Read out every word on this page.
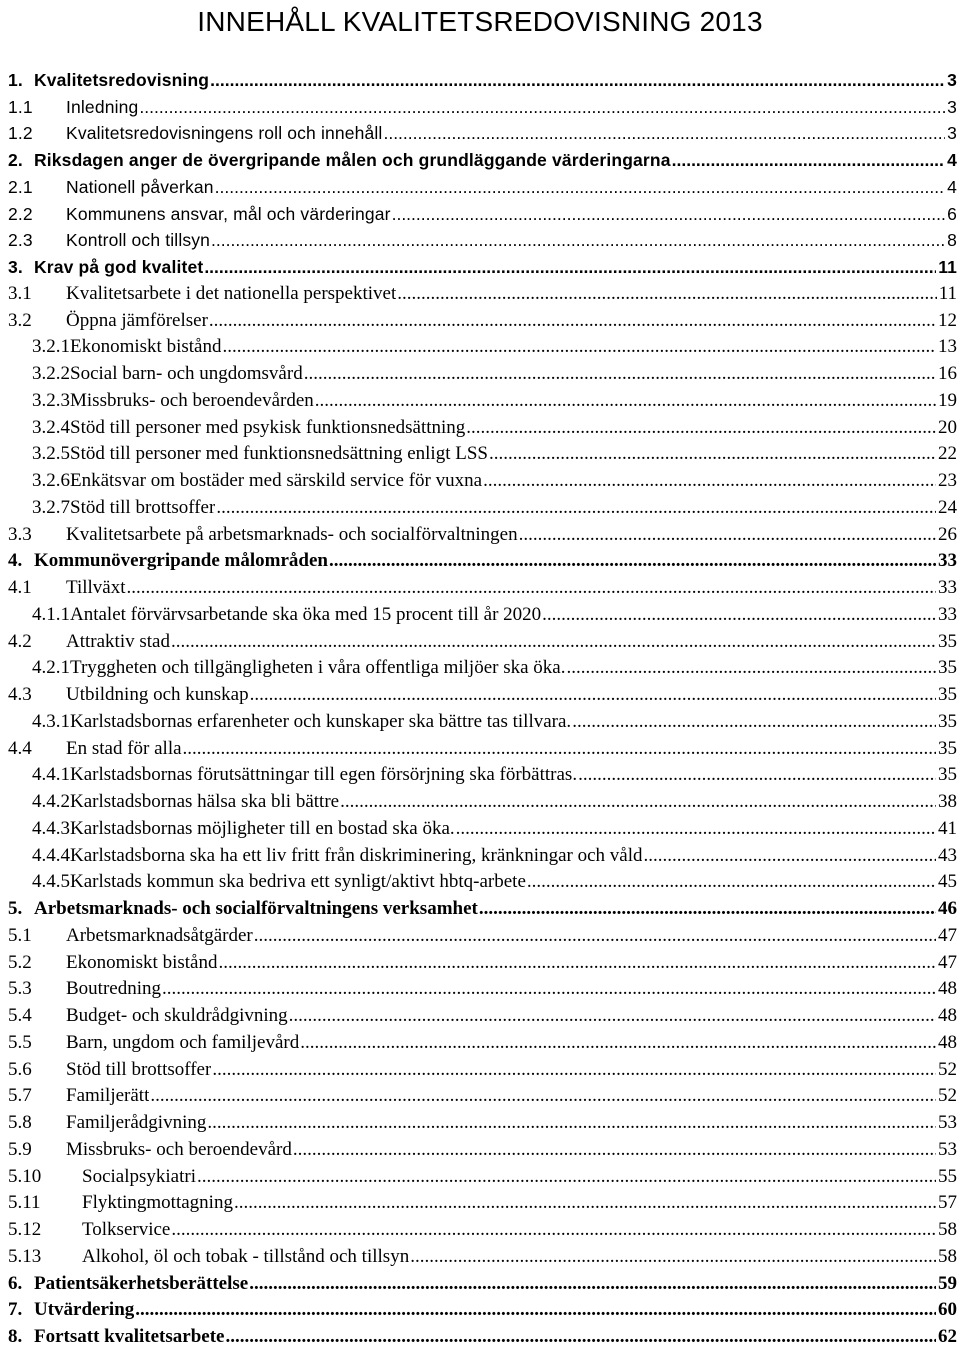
INNEHÅLL KVALITETSREDOVISNING 2013
1. Kvalitetsredovisning .....	3
1.1	Inledning .....	3
1.2	Kvalitetsredovisningens roll och innehåll .....	3
2. Riksdagen anger de övergripande målen och grundläggande värderingarna .....	4
2.1	Nationell påverkan .....	4
2.2	Kommunens ansvar, mål och värderingar .....	6
2.3	Kontroll och tillsyn .....	8
3. Krav på god kvalitet .....	11
3.1	Kvalitetsarbete i det nationella perspektivet .....	11
3.2	Öppna jämförelser .....	12
3.2.1 Ekonomiskt bistånd .....	13
3.2.2 Social barn- och ungdomsvård .....	16
3.2.3 Missbruks- och beroendevården .....	19
3.2.4 Stöd till personer med psykisk funktionsnedsättning .....	20
3.2.5 Stöd till personer med funktionsnedsättning enligt LSS .....	22
3.2.6 Enkätsvar om bostäder med särskild service för vuxna .....	23
3.2.7 Stöd till brottsoffer .....	24
3.3	Kvalitetsarbete på arbetsmarknads- och socialförvaltningen .....	26
4. Kommunövergripande målområden .....	33
4.1	Tillväxt .....	33
4.1.1 Antalet förvärvsarbetande ska öka med 15 procent till år 2020 .....	33
4.2	Attraktiv stad .....	35
4.2.1 Tryggheten och tillgängligheten i våra offentliga miljöer ska öka. .....	35
4.3	Utbildning och kunskap .....	35
4.3.1 Karlstadsbornas erfarenheter och kunskaper ska bättre tas tillvara. .....	35
4.4	En stad för alla .....	35
4.4.1 Karlstadsbornas förutsättningar till egen försörjning ska förbättras. .....	35
4.4.2 Karlstadsbornas hälsa ska bli bättre .....	38
4.4.3 Karlstadsbornas möjligheter till en bostad ska öka. .....	41
4.4.4 Karlstadsborna ska ha ett liv fritt från diskriminering, kränkningar och våld .....	43
4.4.5 Karlstads kommun ska bedriva ett synligt/aktivt hbtq-arbete .....	45
5. Arbetsmarknads- och socialförvaltningens verksamhet .....	46
5.1	Arbetsmarknadsåtgärder .....	47
5.2	Ekonomiskt bistånd .....	47
5.3	Boutredning .....	48
5.4	Budget- och skuldrådgivning .....	48
5.5	Barn, ungdom och familjevård .....	48
5.6	Stöd till brottsoffer .....	52
5.7	Familjerätt .....	52
5.8	Familjerådgivning .....	53
5.9	Missbruks- och beroendevård .....	53
5.10	Socialpsykiatri .....	55
5.11	Flyktingmottagning .....	57
5.12	Tolkservice .....	58
5.13	Alkohol, öl och tobak - tillstånd och tillsyn .....	58
6. Patientsäkerhetsberättelse .....	59
7. Utvärdering .....	60
8. Fortsatt kvalitetsarbete .....	62
